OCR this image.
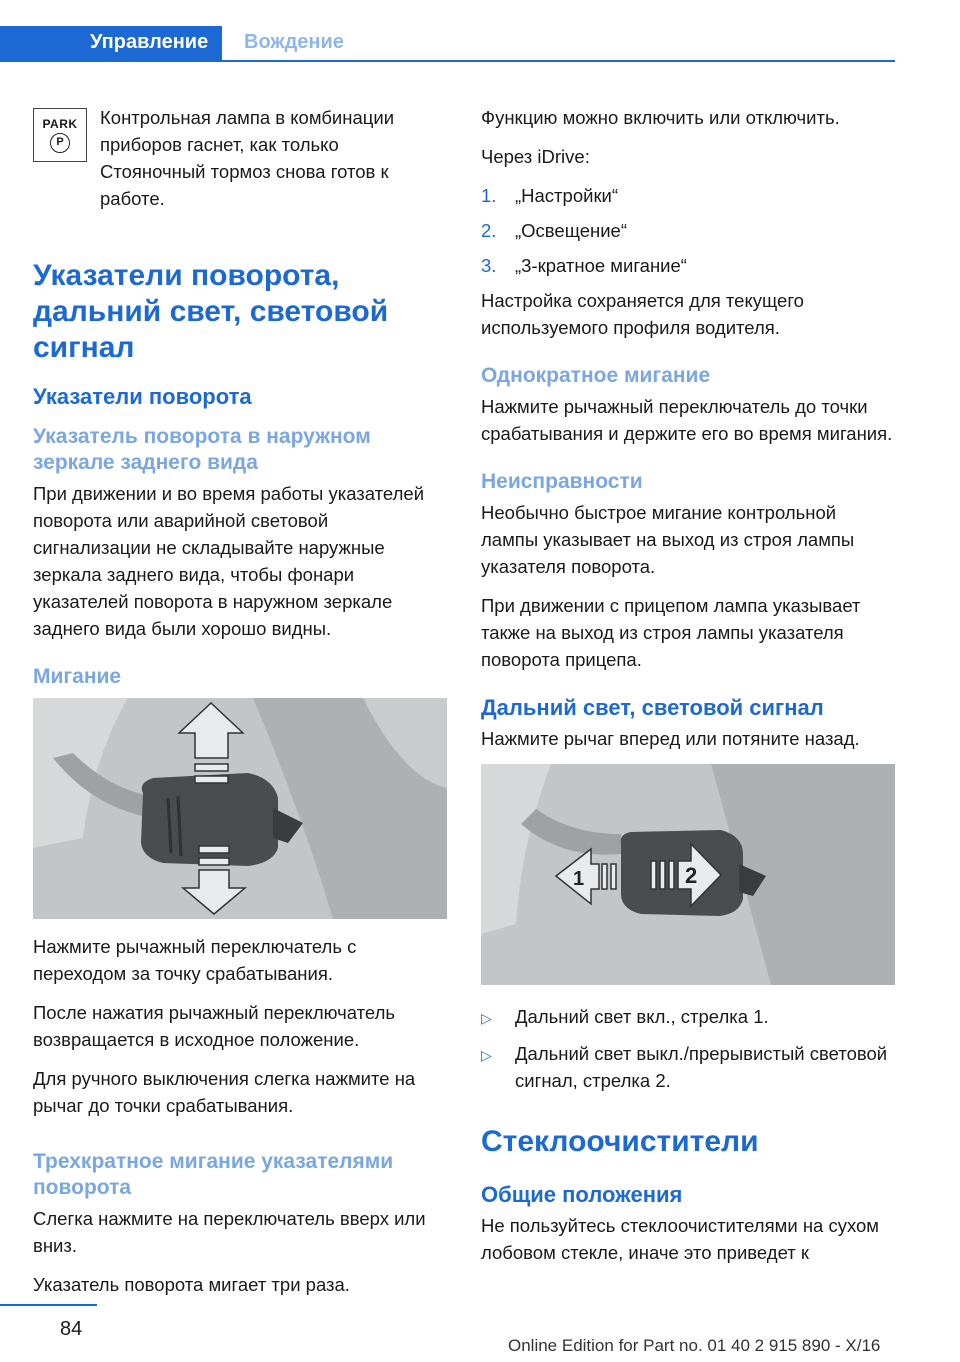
Управление	Вождение
PARK
P

Контрольная лампа в комбинации приборов гаснет, как только Стояночный тормоз снова готов к работе.

Указатели поворота, дальний свет, световой сигнал
Указатели поворота
Указатель поворота в наружном зеркале заднего вида

При движении и во время работы указателей поворота или аварийной световой сигнализации не складывайте наружные зеркала заднего вида, чтобы фонари указателей поворота в наружном зеркале заднего вида были хорошо видны.

Мигание

Нажмите рычажный переключатель с переходом за точку срабатывания.

После нажатия рычажный переключатель возвращается в исходное положение.

Для ручного выключения слегка нажмите на рычаг до точки срабатывания.

Трехкратное мигание указателями поворота

Слегка нажмите на переключатель вверх или вниз.

Указатель поворота мигает три раза.

Функцию можно включить или отключить.

Через iDrive:

1.	„Настройки“
2.	„Освещение“
3.	„3-кратное мигание“

Настройка сохраняется для текущего используемого профиля водителя.

Однократное мигание

Нажмите рычажный переключатель до точки срабатывания и держите его во время мигания.

Неисправности

Необычно быстрое мигание контрольной лампы указывает на выход из строя лампы указателя поворота.

При движении с прицепом лампа указывает также на выход из строя лампы указателя поворота прицепа.

Дальний свет, световой сигнал

Нажмите рычаг вперед или потяните назад.

1	2
▷	Дальний свет вкл., стрелка 1.
▷	Дальний свет выкл./прерывистый световой сигнал, стрелка 2.
Стеклоочистители
Общие положения

Не пользуйтесь стеклоочистителями на сухом лобовом стекле, иначе это приведет к

84
Online Edition for Part no. 01 40 2 915 890 - X/16
